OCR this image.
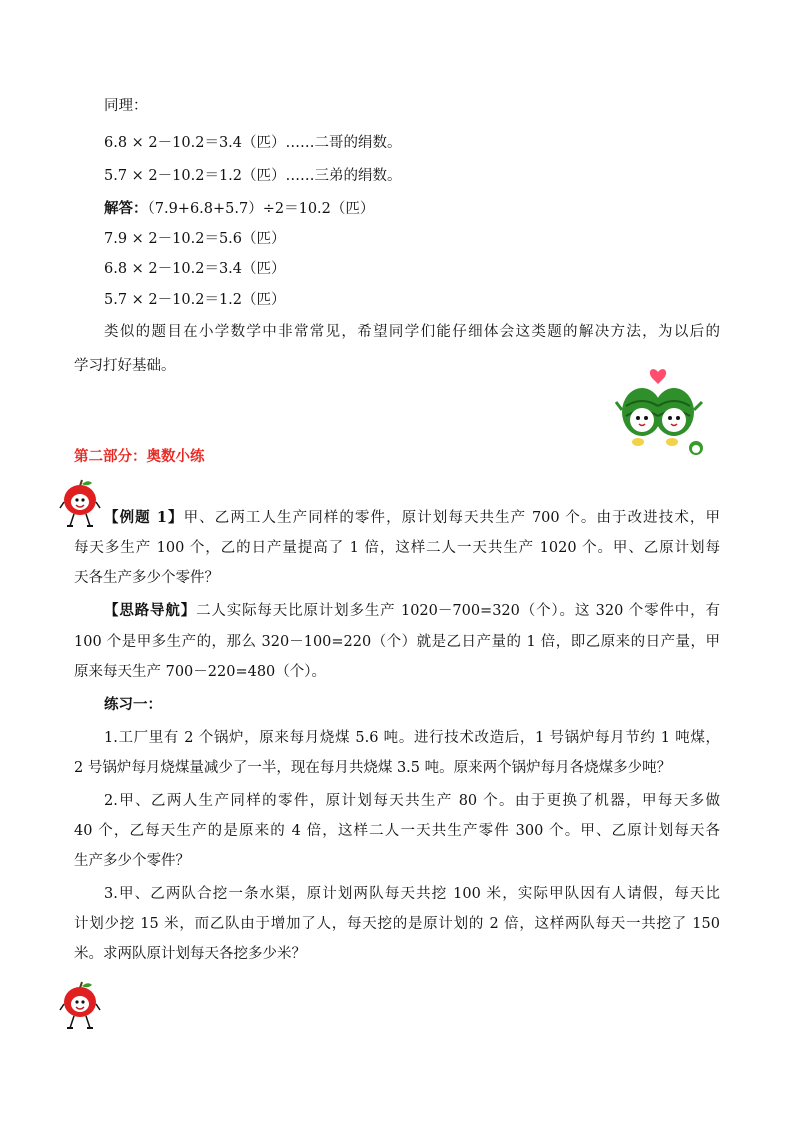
同理：
6.8 × 2－10.2＝3.4（匹）……二哥的绢数。
5.7 × 2－10.2＝1.2（匹）……三弟的绢数。
解答：（7.9+6.8+5.7）÷2＝10.2（匹）
7.9 × 2－10.2＝5.6（匹）
6.8 × 2－10.2＝3.4（匹）
5.7 × 2－10.2＝1.2（匹）
类似的题目在小学数学中非常常见，希望同学们能仔细体会这类题的解决方法，为以后的
学习打好基础。
第二部分：奥数小练
【例题 1】甲、乙两工人生产同样的零件，原计划每天共生产 700 个。由于改进技术，甲
每天多生产 100 个，乙的日产量提高了 1 倍，这样二人一天共生产 1020 个。甲、乙原计划每
天各生产多少个零件？
【思路导航】二人实际每天比原计划多生产 1020－700=320（个）。这 320 个零件中，有
100 个是甲多生产的，那么 320－100=220（个）就是乙日产量的 1 倍，即乙原来的日产量，甲
原来每天生产 700－220=480（个）。
练习一：
1.工厂里有 2 个锅炉，原来每月烧煤 5.6 吨。进行技术改造后，1 号锅炉每月节约 1 吨煤，
2 号锅炉每月烧煤量减少了一半，现在每月共烧煤 3.5 吨。原来两个锅炉每月各烧煤多少吨？
2.甲、乙两人生产同样的零件，原计划每天共生产 80 个。由于更换了机器，甲每天多做
40 个，乙每天生产的是原来的 4 倍，这样二人一天共生产零件 300 个。甲、乙原计划每天各
生产多少个零件？
3.甲、乙两队合挖一条水渠，原计划两队每天共挖 100 米，实际甲队因有人请假，每天比
计划少挖 15 米，而乙队由于增加了人，每天挖的是原计划的 2 倍，这样两队每天一共挖了 150
米。求两队原计划每天各挖多少米？
